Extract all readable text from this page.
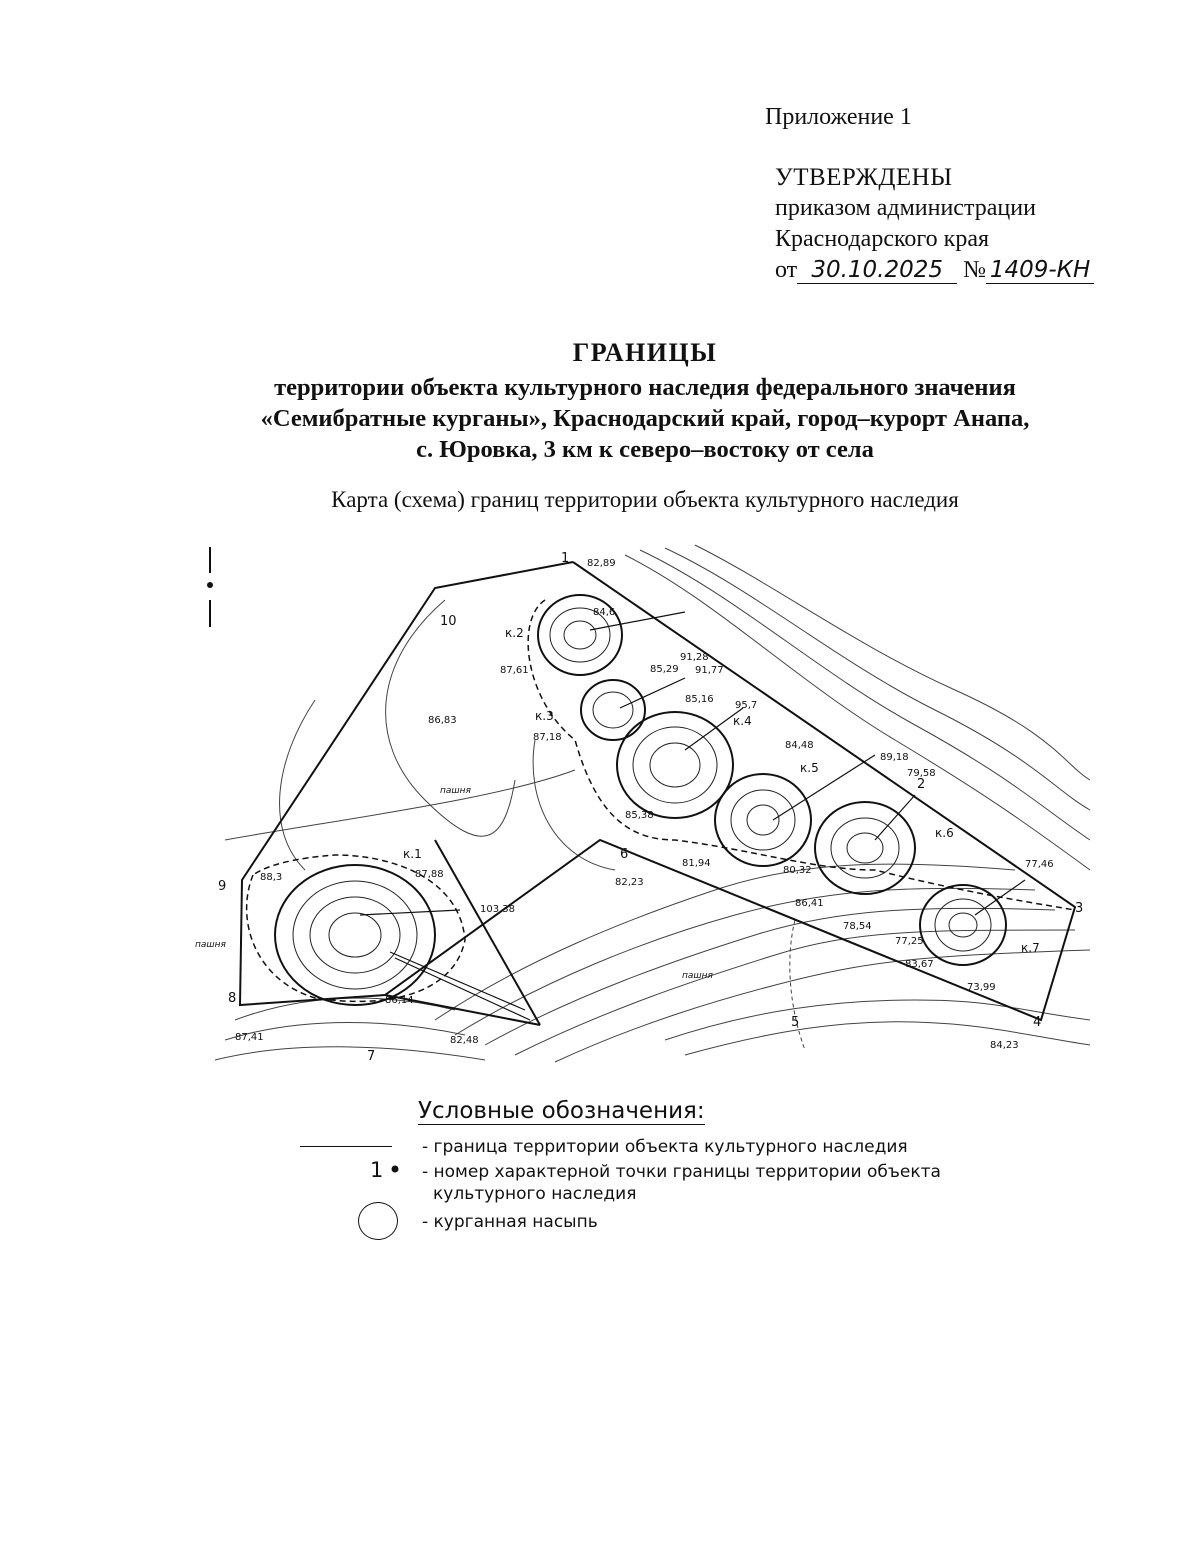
Приложение 1
УТВЕРЖДЕНЫ
приказом администрации
Краснодарского края
от 30.10.2025 № 1409-КН
ГРАНИЦЫ
территории объекта культурного наследия федерального значения
«Семибратные курганы», Краснодарский край, город–курорт Анапа,
с. Юровка, 3 км к северо–востоку от села
Карта (схема) границ территории объекта культурного наследия
1
2
3
4
5
6
7
8
9
10
к.1
к.2
к.3	к.4
к.5
к.6
к.7
82,89
84,6
91,28
87,61	85,29 91,77
85,16
87,18
95,7
86,83
84,48
89,18
79,58
85,38
81,94
82,23
80,32
86,41
77,46
78,54
77,25
83,67
73,99
88,3	87,88
103,38
86,14
82,48
87,41
84,23
пашня
пашня
пашня
Условные обозначения:
- граница территории объекта культурного наследия
1 - номер характерной точки границы территории объекта
культурного наследия
- курганная насыпь
